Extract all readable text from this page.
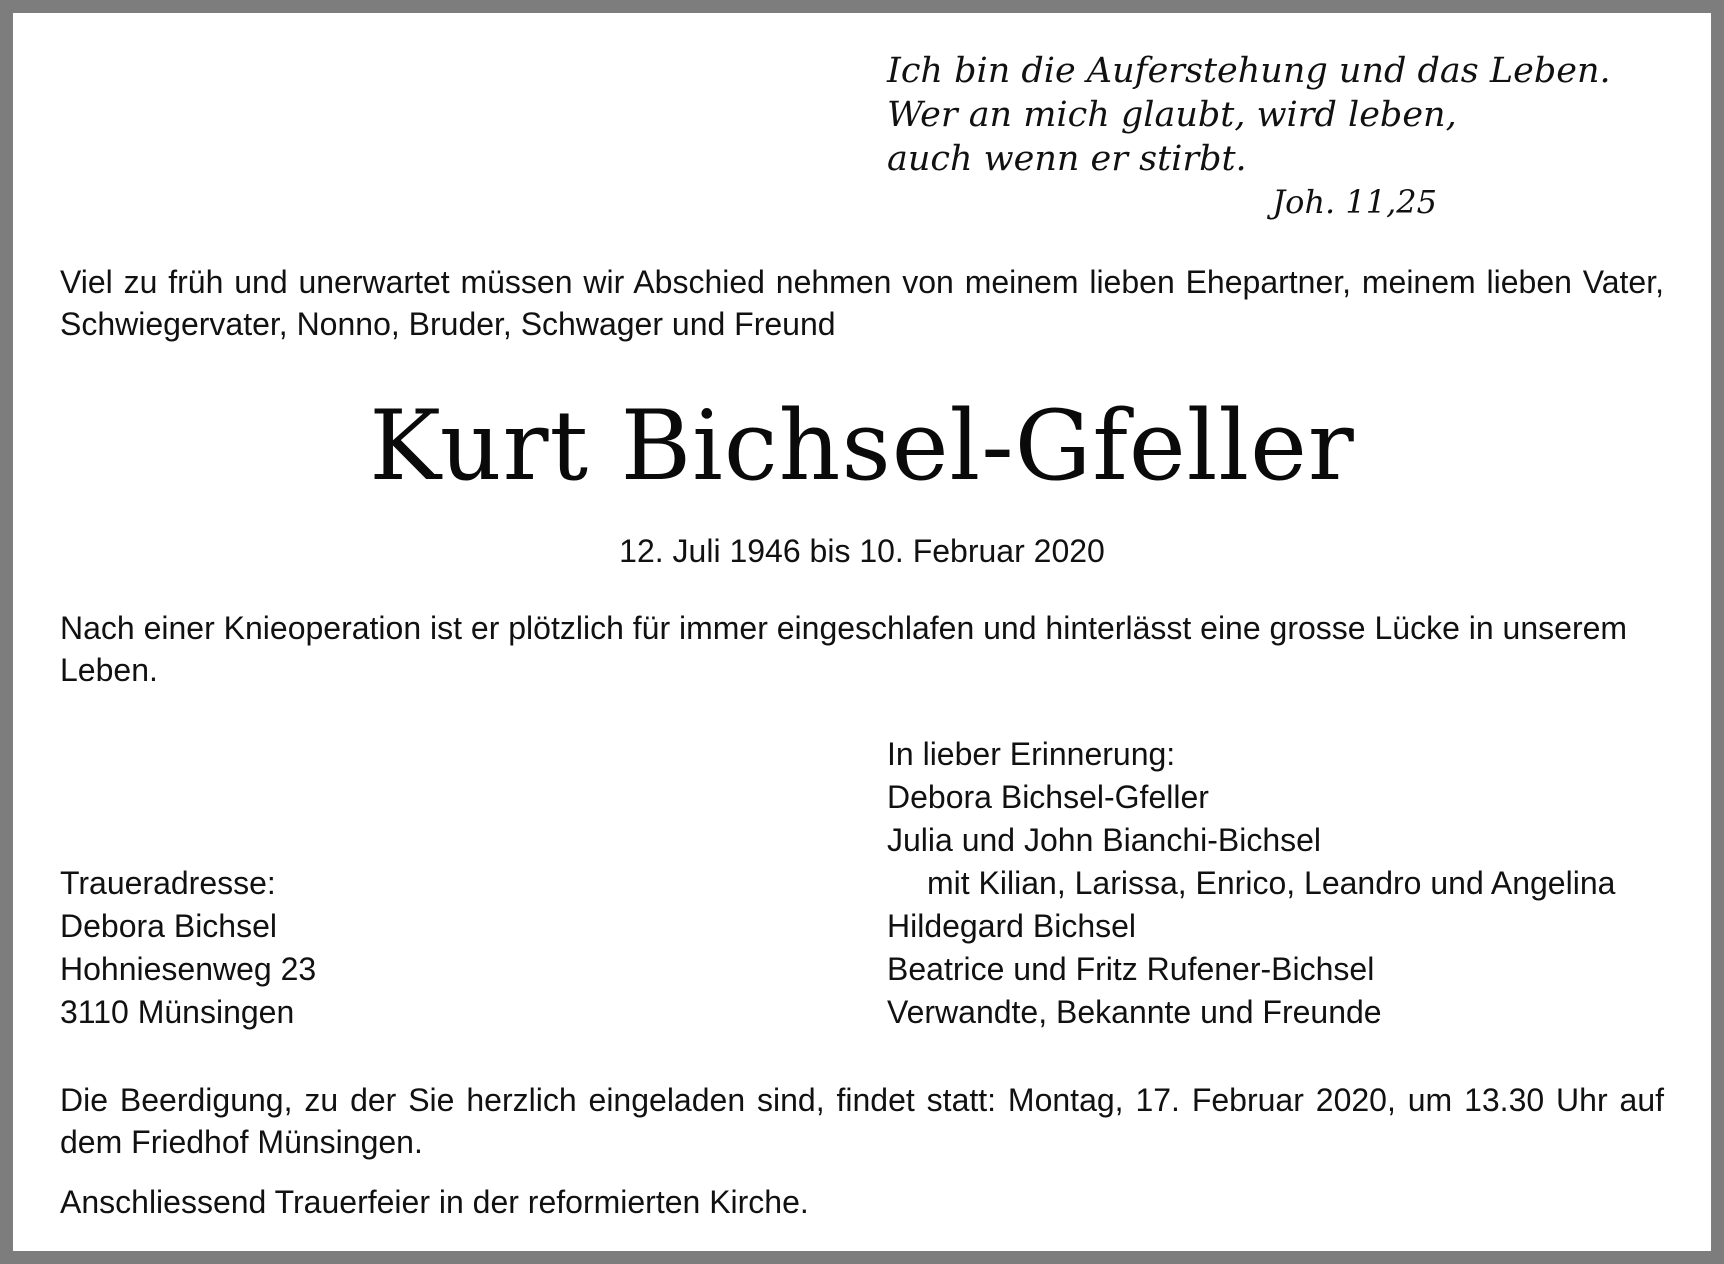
Ich bin die Auferstehung und das Leben.
Wer an mich glaubt, wird leben,
auch wenn er stirbt.
Joh. 11,25

Viel zu früh und unerwartet müssen wir Abschied nehmen von meinem lieben Ehepartner, meinem lieben Vater, Schwiegervater, Nonno, Bruder, Schwager und Freund

Kurt Bichsel-Gfeller
12. Juli 1946 bis 10. Februar 2020

Nach einer Knieoperation ist er plötzlich für immer eingeschlafen und hinterlässt eine grosse Lücke in unserem Leben.

In lieber Erinnerung:
Debora Bichsel-Gfeller
Julia und John Bianchi-Bichsel
mit Kilian, Larissa, Enrico, Leandro und Angelina
Hildegard Bichsel
Beatrice und Fritz Rufener-Bichsel
Verwandte, Bekannte und Freunde
Traueradresse:
Debora Bichsel
Hohniesenweg 23
3110 Münsingen

Die Beerdigung, zu der Sie herzlich eingeladen sind, findet statt: Montag, 17. Februar 2020, um 13.30 Uhr auf dem Friedhof Münsingen.

Anschliessend Trauerfeier in der reformierten Kirche.
